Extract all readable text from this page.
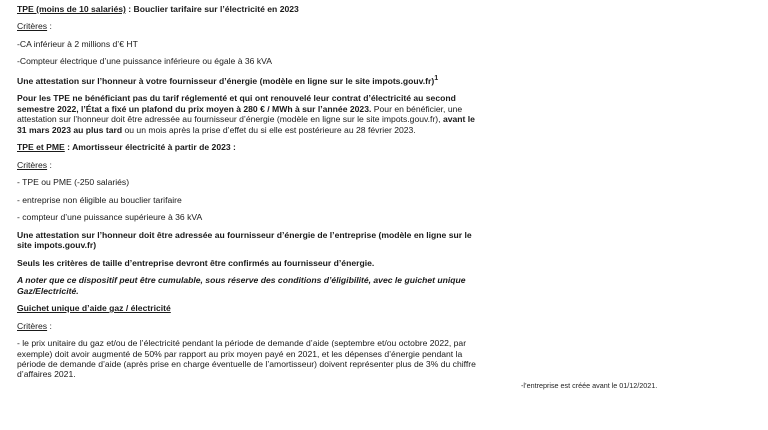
TPE (moins de 10 salariés) : Bouclier tarifaire sur l’électricité en 2023

Critères :

-CA inférieur à 2 millions d’€ HT

-Compteur électrique d’une puissance inférieure ou égale à 36 kVA

Une attestation sur l’honneur à votre fournisseur d’énergie (modèle en ligne sur le site impots.gouv.fr)$^1$

Pour les TPE ne bénéficiant pas du tarif réglementé et qui ont renouvelé leur contrat d’électricité au second semestre 2022, l’État a fixé un plafond du prix moyen à 280 € / MWh à sur l’année 2023. Pour en bénéficier, une attestation sur l’honneur doit être adressée au fournisseur d’énergie (modèle en ligne sur le site impots.gouv.fr), avant le 31 mars 2023 au plus tard ou un mois après la prise d’effet du si elle est postérieure au 28 février 2023.

TPE et PME : Amortisseur électricité à partir de 2023 :

Critères :

- TPE ou PME (-250 salariés)

- entreprise non éligible au bouclier tarifaire

- compteur d’une puissance supérieure à 36 kVA

Une attestation sur l’honneur doit être adressée au fournisseur d’énergie de l’entreprise (modèle en ligne sur le site impots.gouv.fr)

Seuls les critères de taille d’entreprise devront être confirmés au fournisseur d’énergie.

A noter que ce dispositif peut être cumulable, sous réserve des conditions d’éligibilité, avec le guichet unique Gaz/Electricité.

Guichet unique d’aide gaz / électricité

Critères :

- le prix unitaire du gaz et/ou de l’électricité pendant la période de demande d’aide (septembre et/ou octobre 2022, par exemple) doit avoir augmenté de 50% par rapport au prix moyen payé en 2021, et les dépenses d’énergie pendant la période de demande d’aide (après prise en charge éventuelle de l’amortisseur) doivent représenter plus de 3% du chiffre d’affaires 2021.

-l’entreprise est créée avant le 01/12/2021.
